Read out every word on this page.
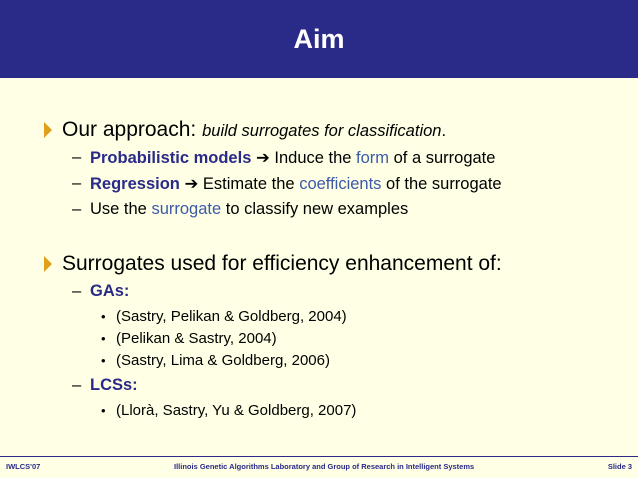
Aim
Our approach: build surrogates for classification.
– Probabilistic models ➔ Induce the form of a surrogate
– Regression ➔ Estimate the coefficients of the surrogate
– Use the surrogate to classify new examples
Surrogates used for efficiency enhancement of:
– GAs:
• (Sastry, Pelikan & Goldberg, 2004)
• (Pelikan & Sastry, 2004)
• (Sastry, Lima & Goldberg, 2006)
– LCSs:
• (Llorà, Sastry, Yu & Goldberg, 2007)
IWLCS'07	Illinois Genetic Algorithms Laboratory and Group of Research in Intelligent Systems	Slide 3
